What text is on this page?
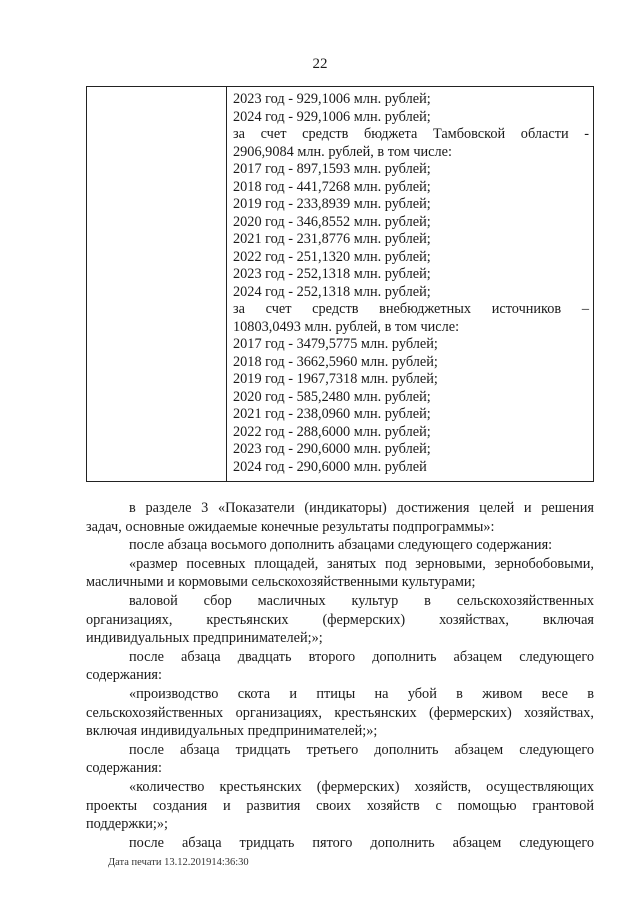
22
2023 год - 929,1006 млн. рублей;
2024 год - 929,1006 млн. рублей;
за счет средств бюджета Тамбовской области -
2906,9084 млн. рублей, в том числе:
2017 год - 897,1593 млн. рублей;
2018 год - 441,7268 млн. рублей;
2019 год - 233,8939 млн. рублей;
2020 год - 346,8552 млн. рублей;
2021 год - 231,8776 млн. рублей;
2022 год - 251,1320 млн. рублей;
2023 год - 252,1318 млн. рублей;
2024 год - 252,1318 млн. рублей;
за счет средств внебюджетных источников –
10803,0493 млн. рублей, в том числе:
2017 год - 3479,5775 млн. рублей;
2018 год - 3662,5960 млн. рублей;
2019 год - 1967,7318 млн. рублей;
2020 год - 585,2480 млн. рублей;
2021 год - 238,0960 млн. рублей;
2022 год - 288,6000 млн. рублей;
2023 год - 290,6000 млн. рублей;
2024 год - 290,6000 млн. рублей
в разделе 3 «Показатели (индикаторы) достижения целей и решения
задач, основные ожидаемые конечные результаты подпрограммы»:
после абзаца восьмого дополнить абзацами следующего содержания:
«размер посевных площадей, занятых под зерновыми, зернобобовыми,
масличными и кормовыми сельскохозяйственными культурами;
валовой сбор масличных культур в сельскохозяйственных
организациях, крестьянских (фермерских) хозяйствах, включая
индивидуальных предпринимателей;»;
после абзаца двадцать второго дополнить абзацем следующего
содержания:
«производство скота и птицы на убой в живом весе в
сельскохозяйственных организациях, крестьянских (фермерских) хозяйствах,
включая индивидуальных предпринимателей;»;
после абзаца тридцать третьего дополнить абзацем следующего
содержания:
«количество крестьянских (фермерских) хозяйств, осуществляющих
проекты создания и развития своих хозяйств с помощью грантовой
поддержки;»;
после абзаца тридцать пятого дополнить абзацем следующего
Дата печати 13.12.201914:36:30
